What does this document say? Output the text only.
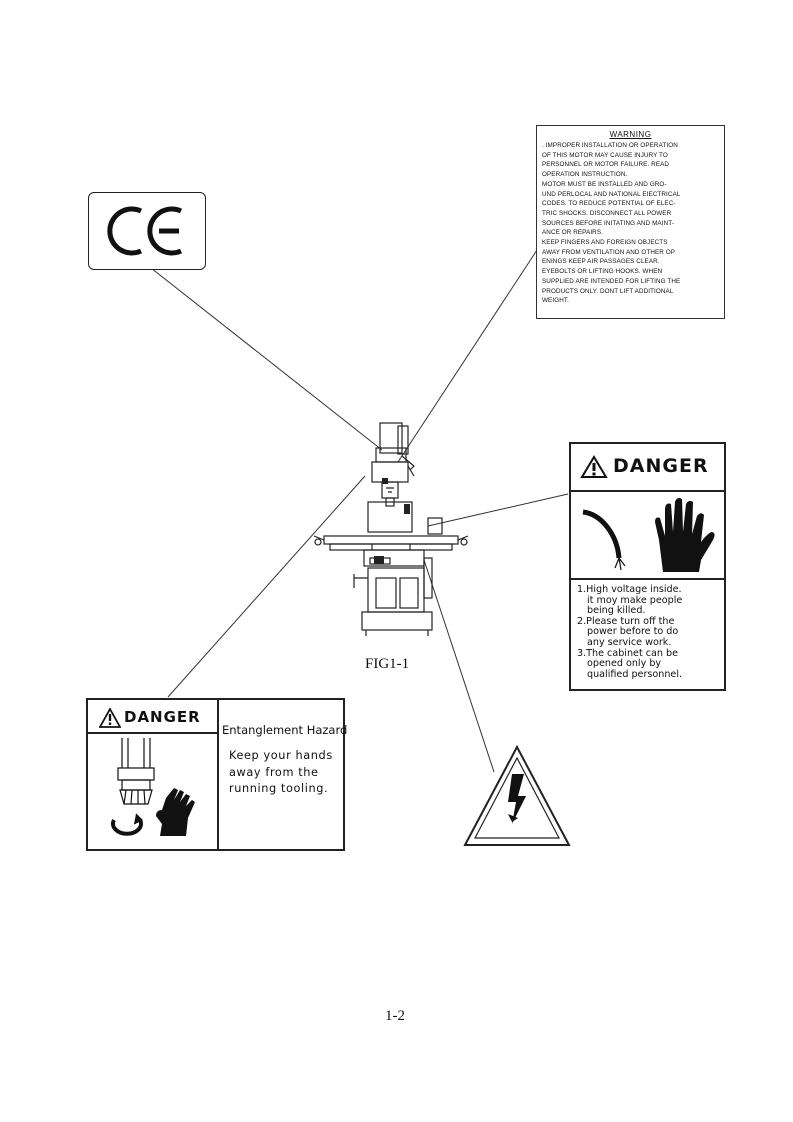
WARNING
. IMPROPER INSTALLATION OR OPERATION
OF THIS MOTOR MAY CAUSE INJURY TO
PERSONNEL OR MOTOR FAILURE. READ
OPERATION INSTRUCTION.
MOTOR MUST BE INSTALLED AND GRO-
UND PERLOCAL AND NATIONAL EIECTRICAL
CODES. TO REDUCE POTENTIAL OF ELEC-
TRIC SHOCKS. DISCONNECT ALL POWER
SOURCES BEFORE INITATING AND MAINT-
ANCE OR REPAIRS.
KEEP FINGERS AND FOREIGN OBJECTS
AWAY FROM VENTILATION AND OTHER OP
ENINGS KEEP AIR PASSAGES CLEAR.
EYEBOLTS OR LIFTING HOOKS. WHEN
SUPPLIED ARE INTENDED FOR LIFTING THE
PRODUCTS ONLY. DONT LIFT ADDITIONAL
WEIGHT.
DANGER
1.High voltage inside.
it moy make people
being killed.
2.Please turn off the
power before to do
any service work.
3.The cabinet can be
opened only by
qualified personnel.
DANGER
Entanglement Hazard
Keep your hands
away from the
running tooling.
FIG1-1
1-2
